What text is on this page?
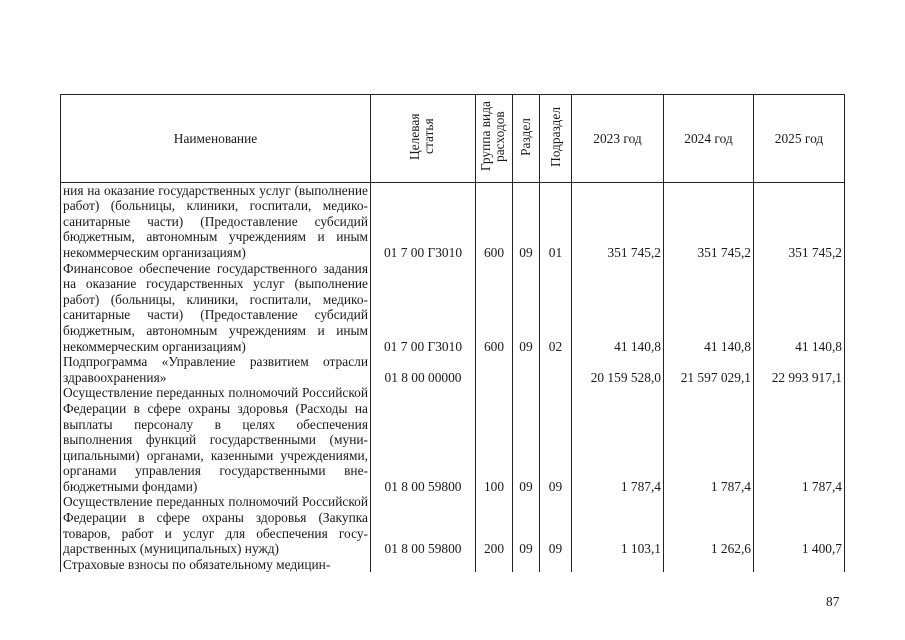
Наименование	Целевая статья	Группа вида расходов	Раздел	Подраздел	2023 год	2024 год	2025 год
ния на оказание государственных услуг (выполнение работ) (больницы, клиники, госпитали, медико-санитарные части) (Предоставление субсидий бюджетным, автономным учреждениям и иным некоммерческим организациям)	01 7 00 Г3010	600	09	01	351 745,2	351 745,2	351 745,2
Финансовое обеспечение государственного задания на оказание государственных услуг (выполнение работ) (больницы, клиники, госпитали, медико-санитарные части) (Предоставление субсидий бюджетным, автономным учреждениям и иным некоммерческим организациям)	01 7 00 Г3010	600	09	02	41 140,8	41 140,8	41 140,8
Подпрограмма «Управление развитием отрасли здравоохранения»	01 8 00 00000				20 159 528,0	21 597 029,1	22 993 917,1
Осуществление переданных полномочий Российской Федерации в сфере охраны здоровья (Расходы на выплаты персоналу в целях обеспечения выполнения функций государственными (муниципальными) органами, казенными учреждениями, органами управления государственными внебюджетными фондами)	01 8 00 59800	100	09	09	1 787,4	1 787,4	1 787,4
Осуществление переданных полномочий Российской Федерации в сфере охраны здоровья (Закупка товаров, работ и услуг для обеспечения государственных (муниципальных) нужд)	01 8 00 59800	200	09	09	1 103,1	1 262,6	1 400,7
Страховые взносы по обязательному медицин-							
87
